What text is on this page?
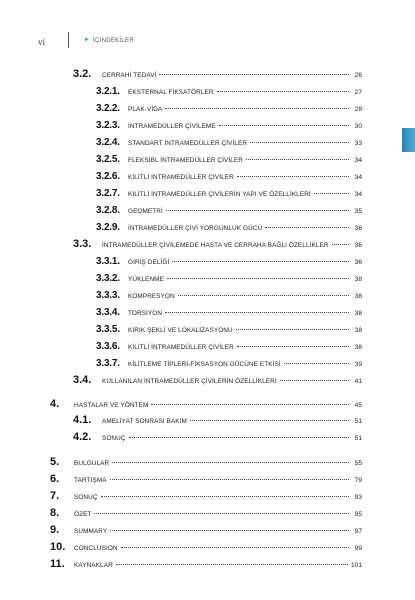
vi	► İÇİNDEKİLER
3.2.	CERRAHİ TEDAVİ	26
3.2.1.	EKSTERNAL FİKSATÖRLER	27
3.2.2.	PLAK-VİDA	28
3.2.3.	İNTRAMEDÜLLER ÇİVİLEME	30
3.2.4.	STANDART İNTRAMEDÜLLER ÇİVİLER	33
3.2.5.	FLEKSİBL İNTRAMEDÜLLER ÇİVİLER	34
3.2.6.	KİLİTLİ İNTRAMEDÜLLER ÇİVİLER	34
3.2.7.	KİLİTLİ İNTRAMEDÜLLER ÇİVİLERİN YAPI VE ÖZELLİKLERİ	34
3.2.8.	GEOMETRİ	35
3.2.9.	İNTRAMEDÜLLER ÇİVİ YORGUNLUK GÜCÜ	36
3.3.	İNTRAMEDÜLLER ÇİVİLEMEDE HASTA VE CERRAHA BAĞLI ÖZELLİKLER	36
3.3.1.	GİRİŞ DELİĞİ	36
3.3.2.	YÜKLENME	38
3.3.3.	KOMPRESYON	38
3.3.4.	TORSİYON	38
3.3.5.	KIRIK ŞEKLİ VE LOKALİZASYONU	38
3.3.6.	KİLİTLİ İNTRAMEDÜLLER ÇİVİLER	38
3.3.7.	KİLİTLEME TİPLERİ-FİKSASYON GÜCÜNE ETKİSİ	39
3.4.	KULLANILAN İNTRAMEDÜLLER ÇİVİLERİN ÖZELLİKLERİ	41
4.	HASTALAR VE YÖNTEM	45
4.1.	AMELİYAT SONRASI BAKIM	51
4.2.	SONUÇ	51
5.	BULGULAR	55
6.	TARTIŞMA	79
7.	SONUÇ	93
8.	ÖZET	95
9.	SUMMARY	97
10.	CONCLUSION	99
11.	KAYNAKLAR	101
